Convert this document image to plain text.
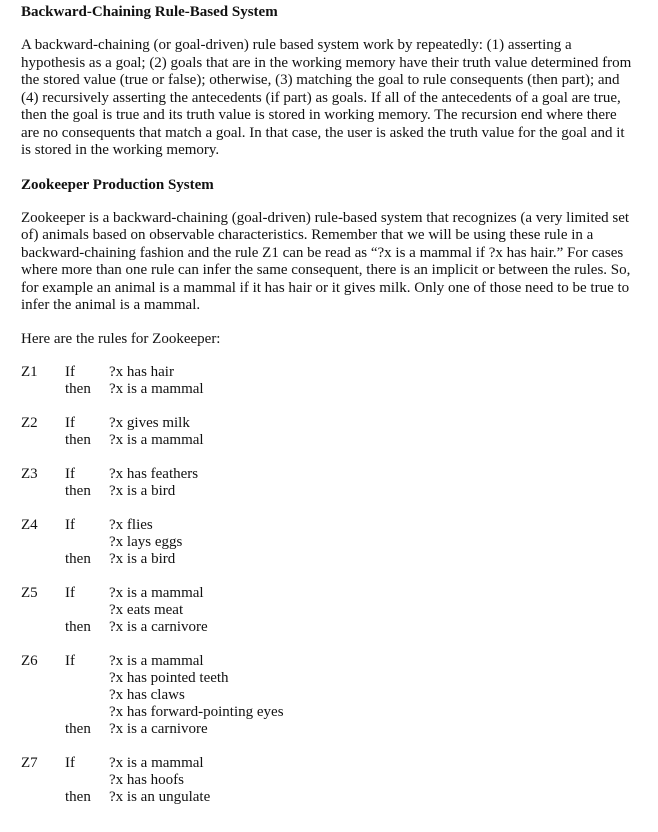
Backward-Chaining Rule-Based System

A backward-chaining (or goal-driven) rule based system work by repeatedly: (1) asserting a hypothesis as a goal; (2) goals that are in the working memory have their truth value determined from the stored value (true or false); otherwise, (3) matching the goal to rule consequents (then part); and (4) recursively asserting the antecedents (if part) as goals. If all of the antecedents of a goal are true, then the goal is true and its truth value is stored in working memory. The recursion end where there are no consequents that match a goal. In that case, the user is asked the truth value for the goal and it is stored in the working memory.

Zookeeper Production System

Zookeeper is a backward-chaining (goal-driven) rule-based system that recognizes (a very limited set of) animals based on observable characteristics. Remember that we will be using these rule in a backward-chaining fashion and the rule Z1 can be read as “?x is a mammal if ?x has hair.” For cases where more than one rule can infer the same consequent, there is an implicit or between the rules. So, for example an animal is a mammal if it has hair or it gives milk. Only one of those need to be true to infer the animal is a mammal.

Here are the rules for Zookeeper:

Z1	If	?x has hair
then	?x is a mammal
Z2	If	?x gives milk
then	?x is a mammal
Z3	If	?x has feathers
then	?x is a bird
Z4	If	?x flies
?x lays eggs
then	?x is a bird
Z5	If	?x is a mammal
?x eats meat
then	?x is a carnivore
Z6	If	?x is a mammal
?x has pointed teeth
?x has claws
?x has forward-pointing eyes
then	?x is a carnivore
Z7	If	?x is a mammal
?x has hoofs
then	?x is an ungulate
